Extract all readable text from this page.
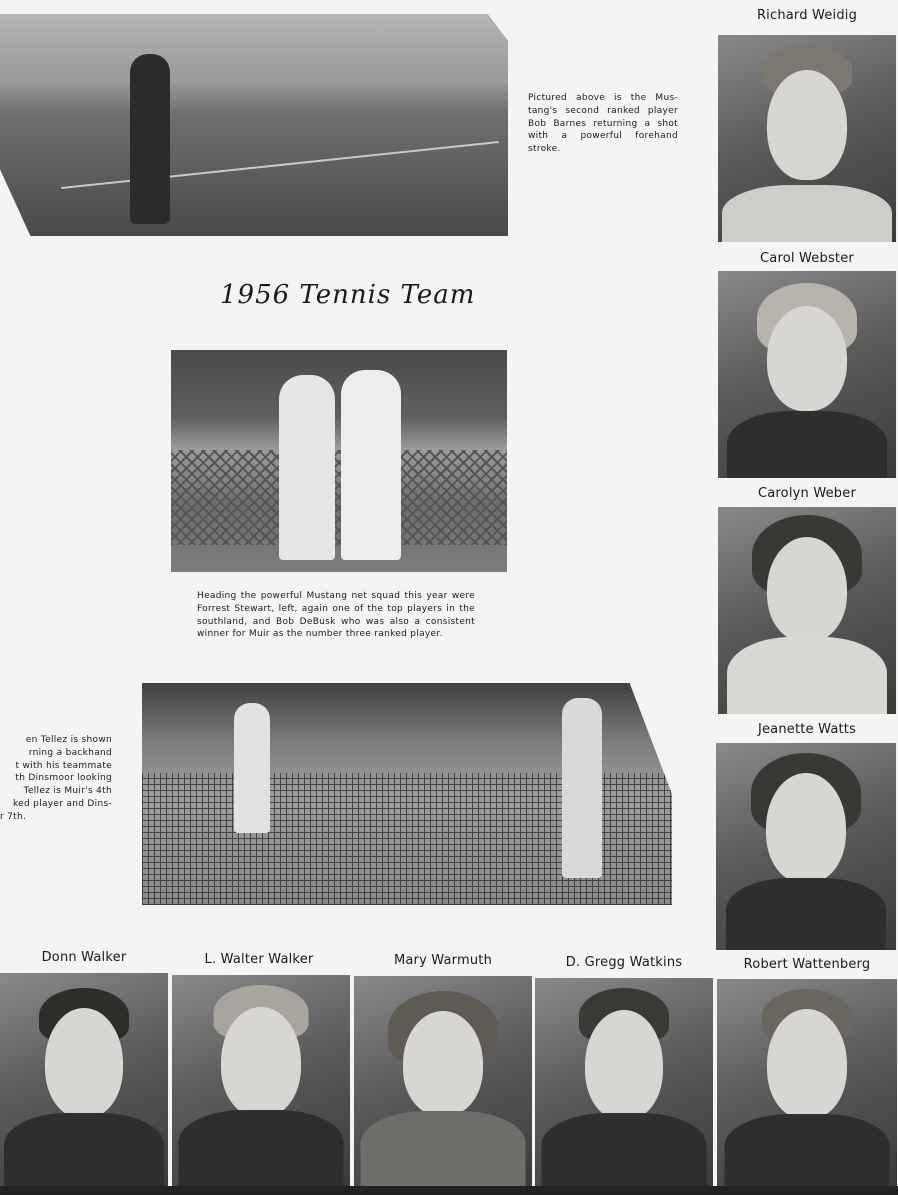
1956 Tennis Team
Pictured above is the Mus-tang's second ranked player Bob Barnes returning a shot with a powerful forehand stroke.
Heading the powerful Mustang net squad this year were Forrest Stewart, left, again one of the top players in the southland, and Bob DeBusk who was also a consistent winner for Muir as the number three ranked player.
en Tellez is shown
rning a backhand
t with his teammate
th Dinsmoor looking
Tellez is Muir's 4th
ked player and Dins-
r 7th.
Richard Weidig
Carol Webster
Carolyn Weber
Jeanette Watts
Donn Walker	L. Walter Walker	Mary Warmuth	D. Gregg Watkins	Robert Wattenberg
